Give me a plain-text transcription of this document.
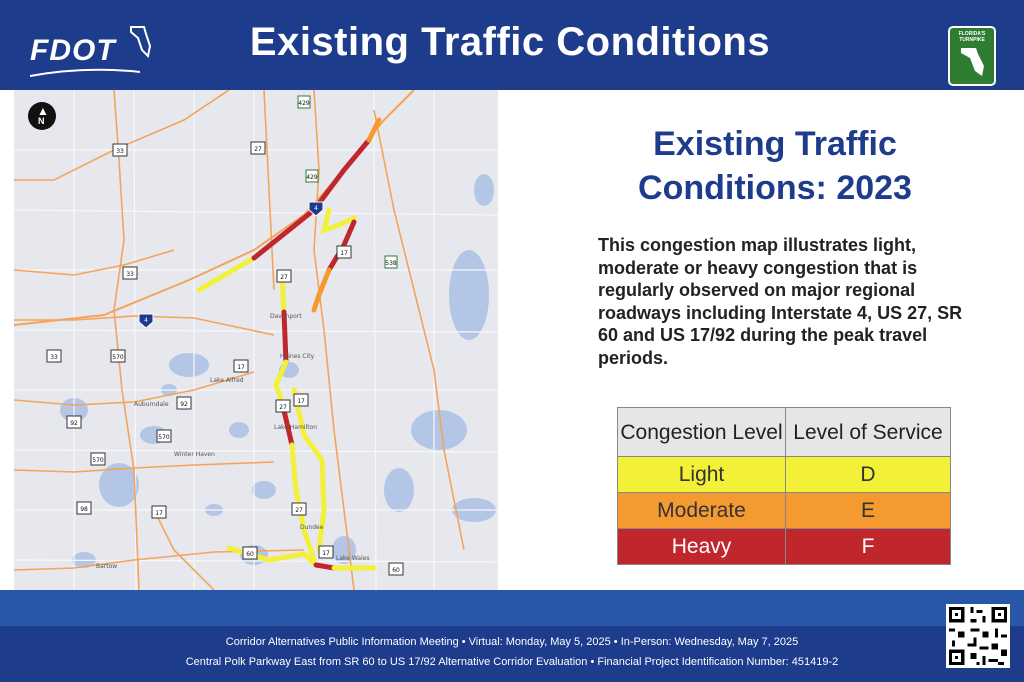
FDOT	Existing Traffic Conditions	FLORIDA'S TURNPIKE
429
33	27
429
4
17
538
33	27
4
33	570
17
92	27
17
92
570
570
27
98
17
60	17
60
Davenport
Haines City
Lake Alfred
Auburndale
Lake Hamilton
Winter Haven
Dundee
Lake Wales
Bartow
▲
N
Existing Traffic Conditions: 2023
This congestion map illustrates light, moderate or heavy congestion that is regularly observed on major regional roadways including Interstate 4, US 27, SR 60 and US 17/92 during the peak travel periods.
Congestion Level	Level of Service
Light	D
Moderate	E
Heavy	F
Corridor Alternatives Public Information Meeting • Virtual: Monday, May 5, 2025 • In-Person: Wednesday, May 7, 2025
Central Polk Parkway East from SR 60 to US 17/92 Alternative Corridor Evaluation • Financial Project Identification Number: 451419-2
